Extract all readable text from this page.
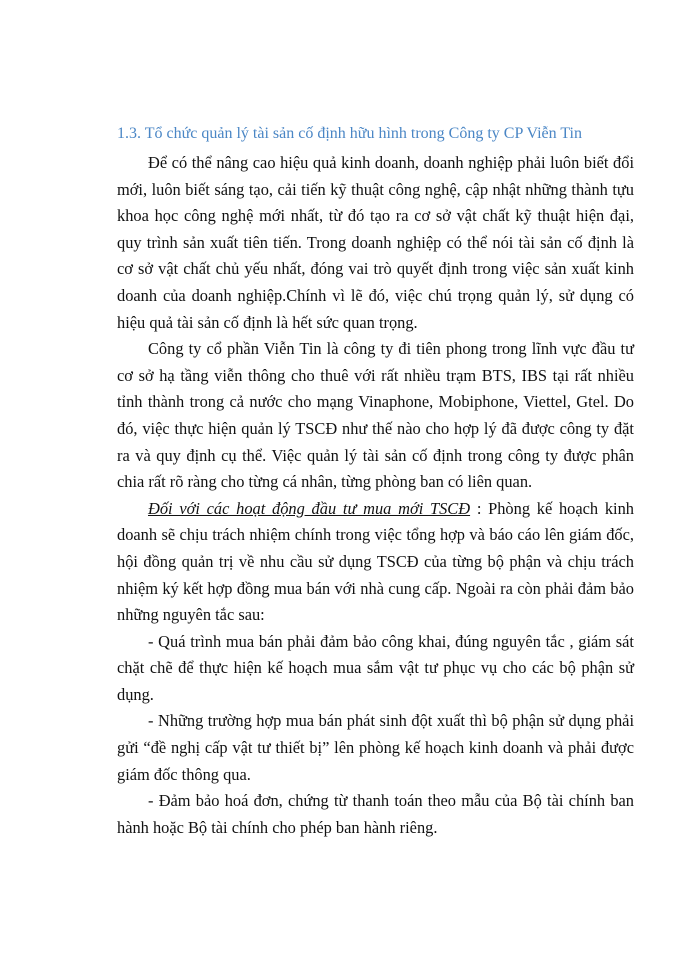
1.3. Tổ chức quản lý tài sản cố định hữu hình trong Công ty CP Viễn Tin

Để có thể nâng cao hiệu quả kinh doanh, doanh nghiệp phải luôn biết đổi mới, luôn biết sáng tạo, cải tiến kỹ thuật công nghệ, cập nhật những thành tựu khoa học công nghệ mới nhất, từ đó tạo ra cơ sở vật chất kỹ thuật hiện đại, quy trình sản xuất tiên tiến. Trong doanh nghiệp có thể nói tài sản cố định là cơ sở vật chất chủ yếu nhất, đóng vai trò quyết định trong việc sản xuất kinh doanh của doanh nghiệp.Chính vì lẽ đó, việc chú trọng quản lý, sử dụng có hiệu quả tài sản cố định là hết sức quan trọng.

Công ty cổ phần Viễn Tin là công ty đi tiên phong trong lĩnh vực đầu tư cơ sở hạ tầng viễn thông cho thuê với rất nhiều trạm BTS, IBS tại rất nhiều tỉnh thành trong cả nước cho mạng Vinaphone, Mobiphone, Viettel, Gtel. Do đó, việc thực hiện quản lý TSCĐ như thế nào cho hợp lý đã được công ty đặt ra và quy định cụ thể. Việc quản lý tài sản cố định trong công ty được phân chia rất rõ ràng cho từng cá nhân, từng phòng ban có liên quan.

Đối với các hoạt động đầu tư mua mới TSCĐ : Phòng kế hoạch kinh doanh sẽ chịu trách nhiệm chính trong việc tổng hợp và báo cáo lên giám đốc, hội đồng quản trị về nhu cầu sử dụng TSCĐ của từng bộ phận và chịu trách nhiệm ký kết hợp đồng mua bán với nhà cung cấp. Ngoài ra còn phải đảm bảo những nguyên tắc sau:

- Quá trình mua bán phải đảm bảo công khai, đúng nguyên tắc , giám sát chặt chẽ để thực hiện kế hoạch mua sắm vật tư phục vụ cho các bộ phận sử dụng.

- Những trường hợp mua bán phát sinh đột xuất thì bộ phận sử dụng phải gửi “đề nghị cấp vật tư thiết bị” lên phòng kế hoạch kinh doanh và phải được giám đốc thông qua.

- Đảm bảo hoá đơn, chứng từ thanh toán theo mẫu của Bộ tài chính ban hành hoặc Bộ tài chính cho phép ban hành riêng.
